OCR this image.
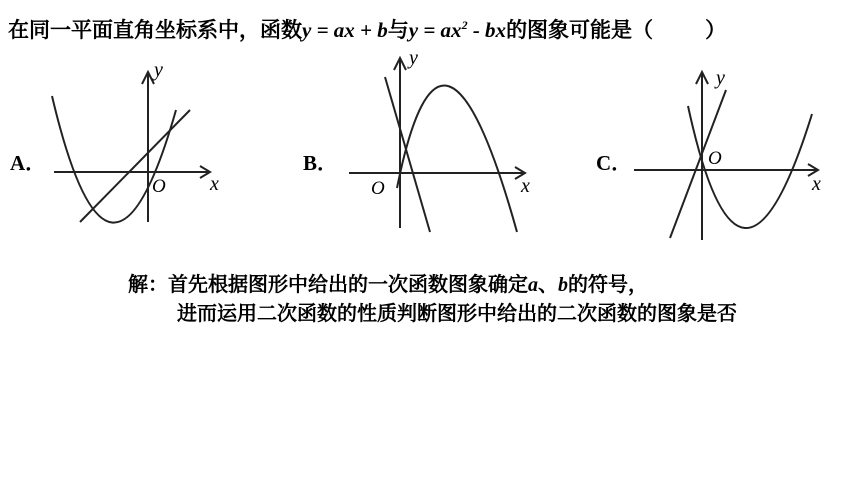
在同一平面直角坐标系中，函数y = ax + b与$y = ax^2$ - bx的图象可能是（ ）
A．
y
x
O
B．
y
x
O
C．
y
x
O
解：首先根据图形中给出的一次函数图象确定a、b的符号，
进而运用二次函数的性质判断图形中给出的二次函数的图象是否
